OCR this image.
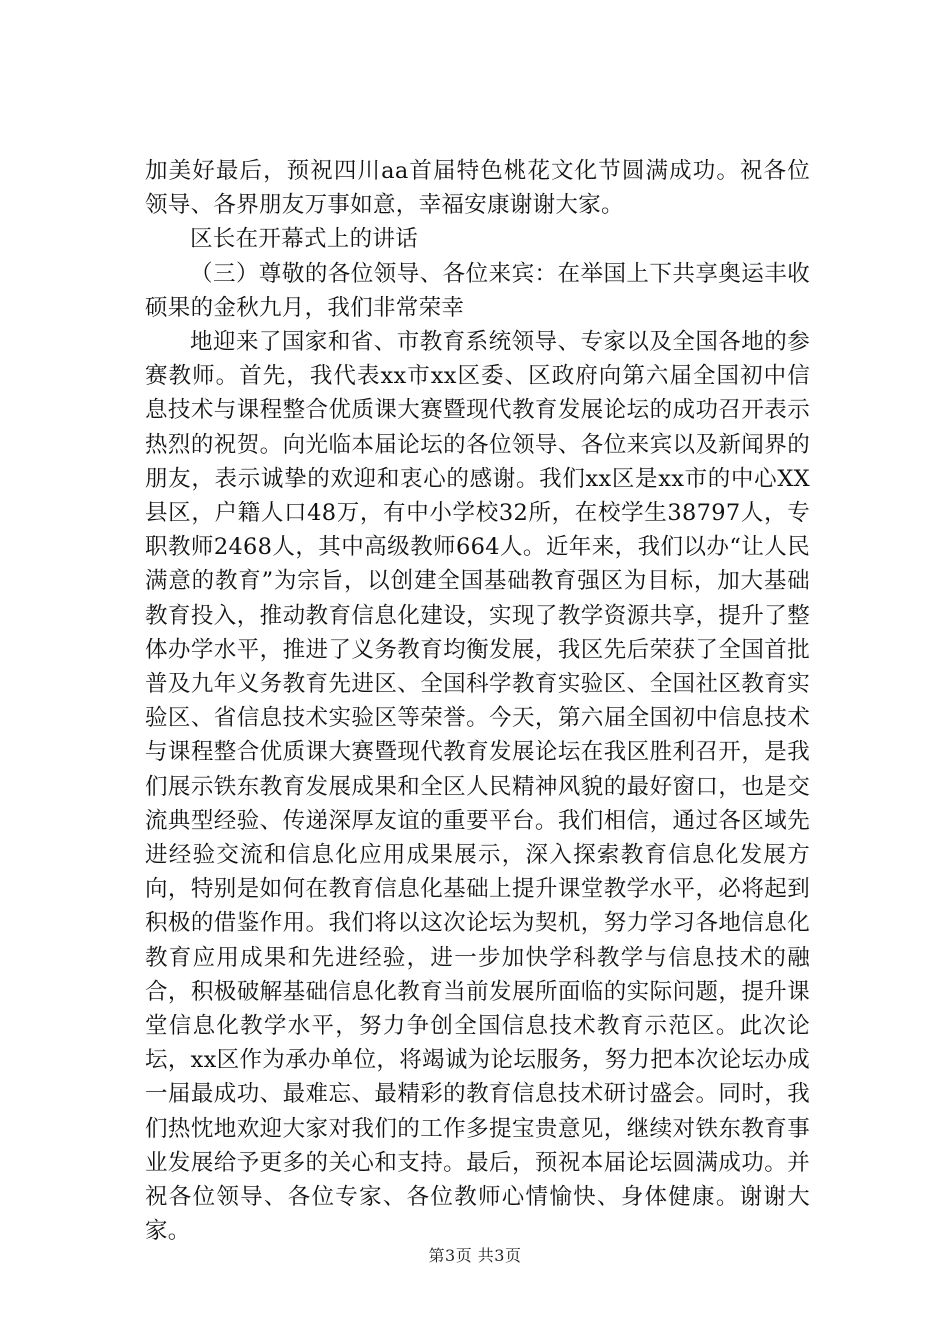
加美好最后，预祝四川aa首届特色桃花文化节圆满成功。祝各位领导、各界朋友万事如意，幸福安康谢谢大家。

区长在开幕式上的讲话

（三）尊敬的各位领导、各位来宾：在举国上下共享奥运丰收硕果的金秋九月，我们非常荣幸

地迎来了国家和省、市教育系统领导、专家以及全国各地的参赛教师。首先，我代表xx市xx区委、区政府向第六届全国初中信息技术与课程整合优质课大赛暨现代教育发展论坛的成功召开表示热烈的祝贺。向光临本届论坛的各位领导、各位来宾以及新闻界的朋友，表示诚挚的欢迎和衷心的感谢。我们xx区是xx市的中心XX县区，户籍人口48万，有中小学校32所，在校学生38797人，专职教师2468人，其中高级教师664人。近年来，我们以办“让人民满意的教育”为宗旨，以创建全国基础教育强区为目标，加大基础教育投入，推动教育信息化建设，实现了教学资源共享，提升了整体办学水平，推进了义务教育均衡发展，我区先后荣获了全国首批普及九年义务教育先进区、全国科学教育实验区、全国社区教育实验区、省信息技术实验区等荣誉。今天，第六届全国初中信息技术与课程整合优质课大赛暨现代教育发展论坛在我区胜利召开，是我们展示铁东教育发展成果和全区人民精神风貌的最好窗口，也是交流典型经验、传递深厚友谊的重要平台。我们相信，通过各区域先进经验交流和信息化应用成果展示，深入探索教育信息化发展方向，特别是如何在教育信息化基础上提升课堂教学水平，必将起到积极的借鉴作用。我们将以这次论坛为契机，努力学习各地信息化教育应用成果和先进经验，进一步加快学科教学与信息技术的融合，积极破解基础信息化教育当前发展所面临的实际问题，提升课堂信息化教学水平，努力争创全国信息技术教育示范区。此次论坛，xx区作为承办单位，将竭诚为论坛服务，努力把本次论坛办成一届最成功、最难忘、最精彩的教育信息技术研讨盛会。同时，我们热忱地欢迎大家对我们的工作多提宝贵意见，继续对铁东教育事业发展给予更多的关心和支持。最后，预祝本届论坛圆满成功。并祝各位领导、各位专家、各位教师心情愉快、身体健康。谢谢大家。

第3页 共3页
